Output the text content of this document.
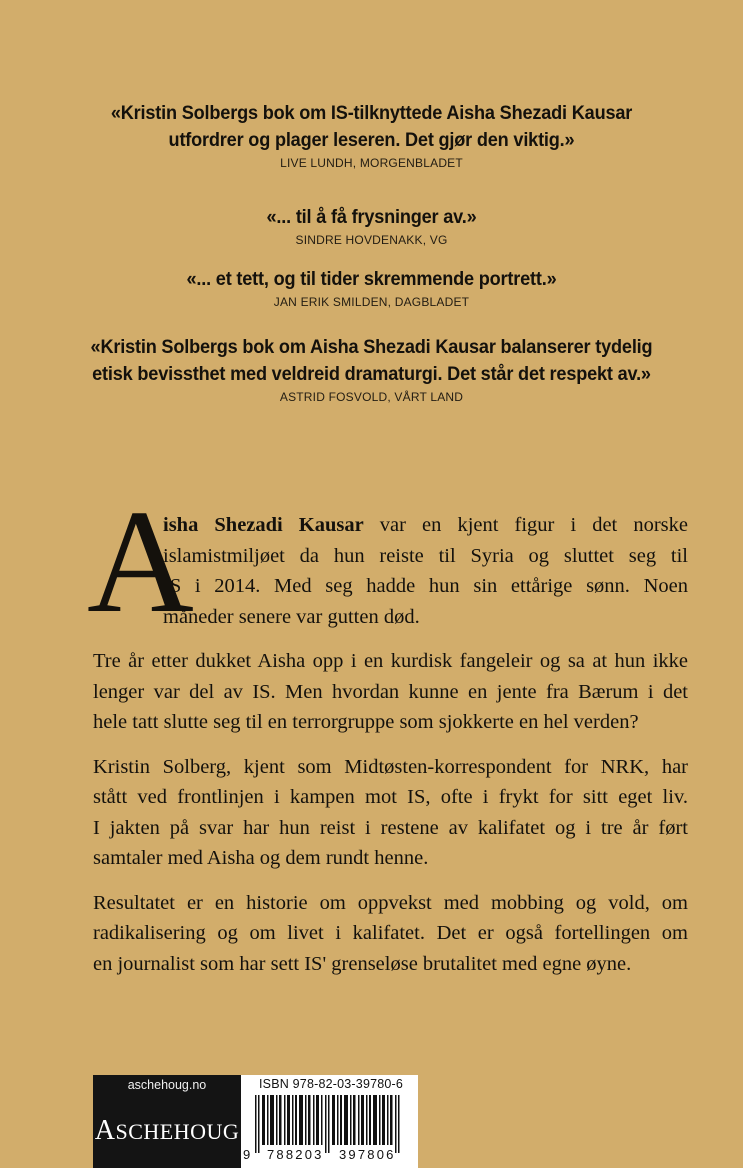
«Kristin Solbergs bok om IS-tilknyttede Aisha Shezadi Kausar
utfordrer og plager leseren. Det gjør den viktig.»
LIVE LUNDH, MORGENBLADET
«... til å få frysninger av.»
SINDRE HOVDENAKK, VG
«... et tett, og til tider skremmende portrett.»
JAN ERIK SMILDEN, DAGBLADET
«Kristin Solbergs bok om Aisha Shezadi Kausar balanserer tydelig
etisk bevissthet med veldreid dramaturgi. Det står det respekt av.»
ASTRID FOSVOLD, VÅRT LAND
A
isha Shezadi Kausar var en kjent figur i det norske
islamistmiljøet da hun reiste til Syria og sluttet seg til
IS i 2014. Med seg hadde hun sin ettårige sønn. Noen
måneder senere var gutten død.
Tre år etter dukket Aisha opp i en kurdisk fangeleir og sa at hun ikke
lenger var del av IS. Men hvordan kunne en jente fra Bærum i det
hele tatt slutte seg til en terrorgruppe som sjokkerte en hel verden?
Kristin Solberg, kjent som Midtøsten-korrespondent for NRK, har
stått ved frontlinjen i kampen mot IS, ofte i frykt for sitt eget liv.
I jakten på svar har hun reist i restene av kalifatet og i tre år ført
samtaler med Aisha og dem rundt henne.
Resultatet er en historie om oppvekst med mobbing og vold, om
radikalisering og om livet i kalifatet. Det er også fortellingen om
en journalist som har sett IS' grenseløse brutalitet med egne øyne.
aschehoug.no
ASCHEHOUG
ISBN 978-82-03-39780-6
9 788203 397806
